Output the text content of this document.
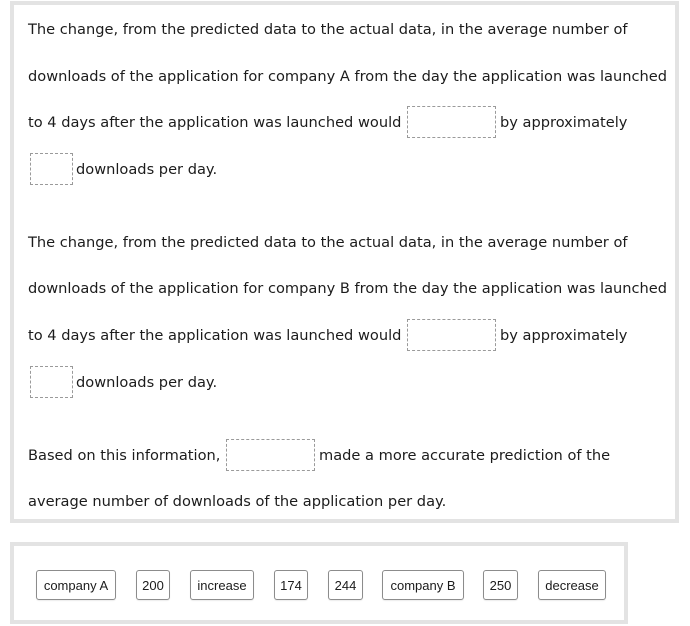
The change, from the predicted data to the actual data, in the average number of
downloads of the application for company A from the day the application was launched
to 4 days after the application was launched would	by approximately
downloads per day.
The change, from the predicted data to the actual data, in the average number of
downloads of the application for company B from the day the application was launched
to 4 days after the application was launched would	by approximately
downloads per day.
Based on this information,	made a more accurate prediction of the
average number of downloads of the application per day.
company A	200	increase	174	244	company B	250	decrease
